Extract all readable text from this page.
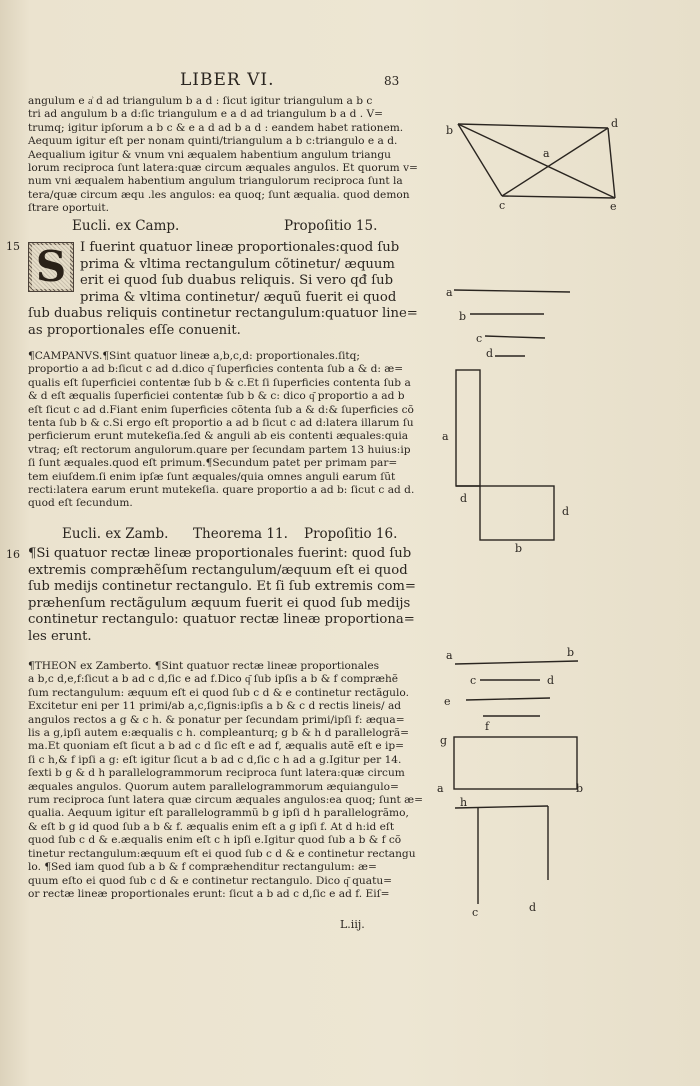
LIBER VI.	83
angulum e a͗ d ad triangulum b a d : ſicut igitur triangulum a b c
tri ad angulum b a d:ſic triangulum e a d ad triangulum b a d . V=
trumq; igitur ipſorum a b c & e a d ad b a d : eandem habet rationem.
Aequum igitur eſt per nonam quinti/triangulum a b c:triangulo e a d.
Aequalium igitur & vnum vni æqualem habentium angulum triangu
lorum reciproca ſunt latera:quæ circum æquales angulos. Et quorum v=
num vni æqualem habentium angulum triangulorum reciproca ſunt la
tera/quæ circum æqu .les angulos: ea quoq; ſunt æqualia. quod demon
ſtrare oportuit.
Eucli. ex Camp.	Propoſitio 15.
15 S	I fuerint quatuor lineæ proportionales:quod ſub
prima & vltima rectangulum cõtinetur/ æquum
erit ei quod ſub duabus reliquis. Si vero qđ ſub
prima & vltima continetur/ æquũ fuerit ei quod
ſub duabus reliquis continetur rectangulum:quatuor line=
as proportionales eſſe conuenit.
¶CAMPANVS.¶Sint quatuor lineæ a,b,c,d: proportionales.ſitq;
proportio a ad b:ſicut c ad d.dico q͂ ſuperficies contenta ſub a & d: æ=
qualis eſt ſuperficiei contentæ ſub b & c.Et ſi ſuperficies contenta ſub a
& d eſt æqualis ſuperficiei contentæ ſub b & c: dico q͂ proportio a ad b
eſt ſicut c ad d.Fiant enim ſuperficies cõtenta ſub a & d:& ſuperficies cõ
tenta ſub b & c.Si ergo eſt proportio a ad b ſicut c ad d:latera illarum ſu
perficierum erunt mutekeſia.ſed & anguli ab eis contenti æquales:quia
vtraq; eſt rectorum angulorum.quare per ſecundam partem 13 huius:ip
ſi ſunt æquales.quod eſt primum.¶Secundum patet per primam par=
tem eiuſdem.ſi enim ipſæ ſunt æquales/quia omnes anguli earum ſũt
recti:latera earum erunt mutekeſia. quare proportio a ad b: ſicut c ad d.
quod eſt ſecundum.
Eucli. ex Zamb. Theorema 11. Propoſitio 16.
16 ¶Si quatuor rectæ lineæ proportionales fuerint: quod ſub
extremis compræhẽſum rectangulum/æquum eſt ei quod
ſub medijs continetur rectangulo. Et ſi ſub extremis com=
præhenſum rectãgulum æquum fuerit ei quod ſub medijs
continetur rectangulo: quatuor rectæ lineæ proportiona=
les erunt.
¶THEON ex Zamberto. ¶Sint quatuor rectæ lineæ proportionales
a b,c d,e,f:ſicut a b ad c d,ſic e ad f.Dico q͂ ſub ipſis a b & f compræhẽ
ſum rectangulum: æquum eſt ei quod ſub c d & e continetur rectãgulo.
Excitetur eni per 11 primi/ab a,c,ſignis:ipſis a b & c d rectis lineis/ ad
angulos rectos a g & c h. & ponatur per ſecundam primi/ipſi f: æqua=
lis a g,ipſi autem e:æqualis c h. compleanturq; g b & h d parallelogrã=
ma.Et quoniam eſt ſicut a b ad c d ſic eſt e ad f, æqualis autẽ eſt e ip=
ſi c h,& f ipſi a g: eſt igitur ſicut a b ad c d,ſic c h ad a g.Igitur per 14.
ſexti b g & d h parallelogrammorum reciproca ſunt latera:quæ circum
æquales angulos. Quorum autem parallelogrammorum æquiangulo=
rum reciproca ſunt latera quæ circum æquales angulos:ea quoq; ſunt æ=
qualia. Aequum igitur eſt parallelogrammũ b g ipſi d h parallelogrãmo,
& eſt b g id quod ſub a b & f. æqualis enim eſt a g ipſi f. At d h:id eſt
quod ſub c d & e.æqualis enim eſt c h ipſi e.Igitur quod ſub a b & f cõ
tinetur rectangulum:æquum eſt ei quod ſub c d & e continetur rectangu
lo. ¶Sed iam quod ſub a b & f compræhenditur rectangulum: æ=
quum eſto ei quod ſub c d & e continetur rectangulo. Dico q͂ quatu=
or rectæ lineæ proportionales erunt: ſicut a b ad c d,ſic e ad f. Eiſ=
b
d
a
c	e
a
b
c
d
a
d
d
b
a	b
c	d
e
f
g
a	b
h
c	d
L.iij.
